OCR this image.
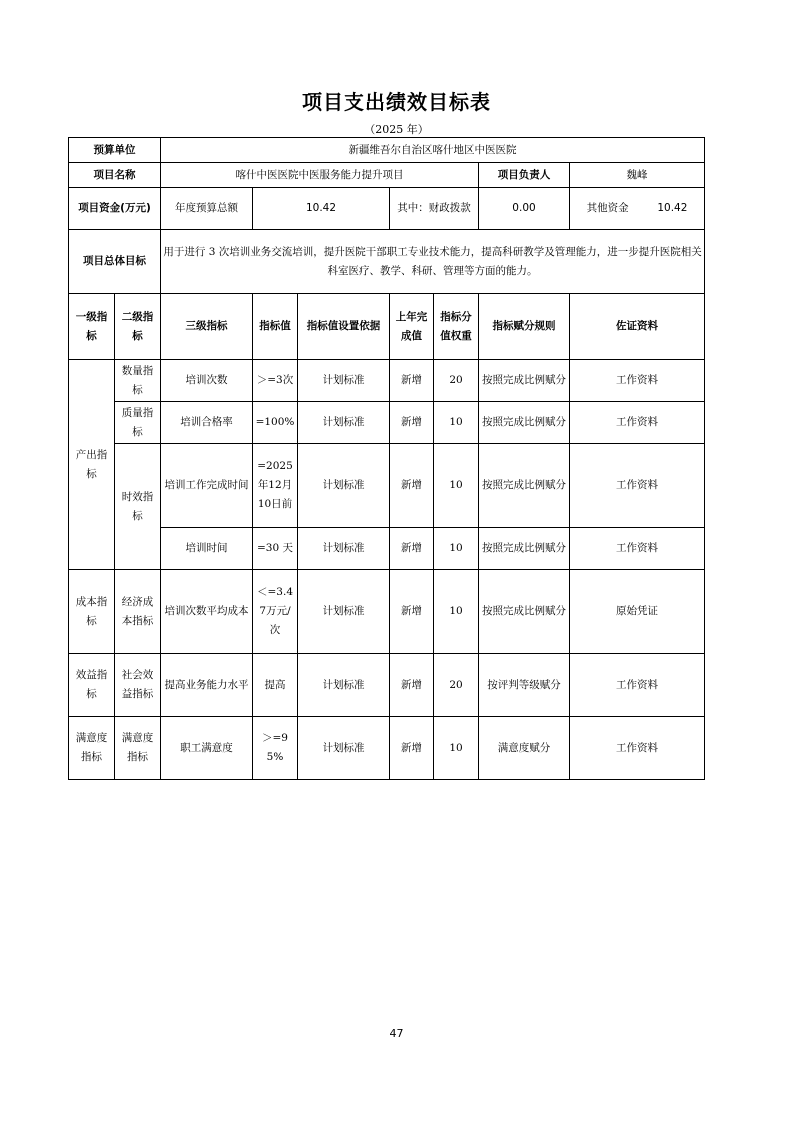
项目支出绩效目标表
（2025 年）
预算单位		新疆维吾尔自治区喀什地区中医医院						
项目名称		喀什中医医院中医服务能力提升项目					项目负责人	魏峰
项目资金(万元)		年度预算总额	10.42		其中：财政拨款		0.00	其他资金 10.42
项目总体目标		用于进行 3 次培训业务交流培训，提升医院干部职工专业技术能力，提高科研教学及管理能力，进一步提升医院相关科室医疗、教学、科研、管理等方面的能力。						
一级指标	二级指标	三级指标	指标值	指标值设置依据	上年完成值	指标分值权重	指标赋分规则	佐证资料
产出指标	数量指标	培训次数	＞=3次	计划标准	新增	20	按照完成比例赋分	工作资料
	质量指标	培训合格率	=100%	计划标准	新增	10	按照完成比例赋分	工作资料
	时效指标	培训工作完成时间	=2025年12月10日前	计划标准	新增	10	按照完成比例赋分	工作资料
		培训时间	=30 天	计划标准	新增	10	按照完成比例赋分	工作资料
成本指标	经济成本指标	培训次数平均成本	＜=3.47万元/次	计划标准	新增	10	按照完成比例赋分	原始凭证
效益指标	社会效益指标	提高业务能力水平	提高	计划标准	新增	20	按评判等级赋分	工作资料
满意度指标	满意度指标	职工满意度	＞=95%	计划标准	新增	10	满意度赋分	工作资料
47
